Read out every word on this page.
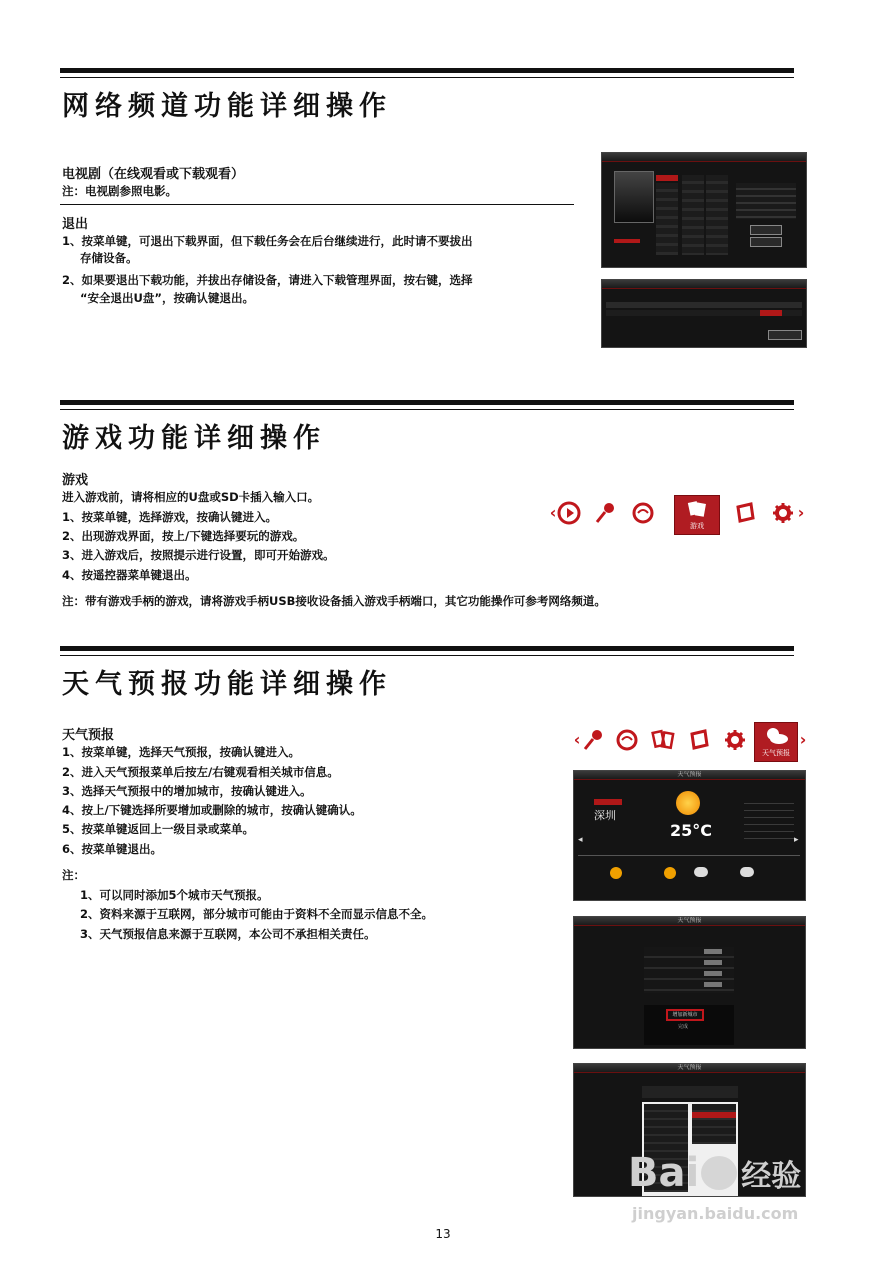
网络频道功能详细操作
电视剧（在线观看或下载观看）
注：电视剧参照电影。
退出
1、按菜单键，可退出下载界面，但下载任务会在后台继续进行，此时请不要拔出
存储设备。
2、如果要退出下载功能，并拔出存储设备，请进入下载管理界面，按右键，选择
“安全退出U盘”，按确认键退出。
游戏功能详细操作
游戏
进入游戏前，请将相应的U盘或SD卡插入输入口。
1、按菜单键，选择游戏，按确认键进入。
2、出现游戏界面，按上/下键选择要玩的游戏。
3、进入游戏后，按照提示进行设置，即可开始游戏。
4、按遥控器菜单键退出。
注：带有游戏手柄的游戏，请将游戏手柄USB接收设备插入游戏手柄端口，其它功能操作可参考网络频道。
‹
游戏
›
天气预报功能详细操作
天气预报
1、按菜单键，选择天气预报，按确认键进入。
2、进入天气预报菜单后按左/右键观看相关城市信息。
3、选择天气预报中的增加城市，按确认键进入。
4、按上/下键选择所要增加或删除的城市，按确认键确认。
5、按菜单键返回上一级目录或菜单。
6、按菜单键退出。
注：
1、可以同时添加5个城市天气预报。
2、资料来源于互联网，部分城市可能由于资料不全而显示信息不全。
3、天气预报信息来源于互联网，本公司不承担相关责任。
‹
天气预报
›
天气预报
深圳
25°C
◂	▸
天气预报
增加新城市
完成
天气预报
Bai 经验
jingyan.baidu.com
13
